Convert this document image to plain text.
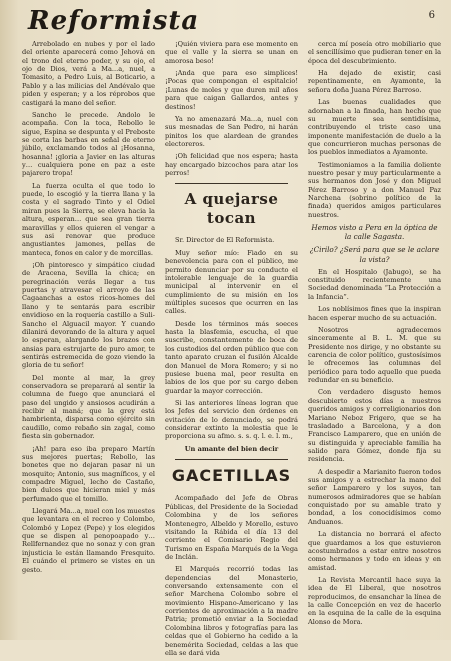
Reformista	6

Arrebolado en nubes y por el lado del oriente aparecerá como Jehová en el trono del eterno poder, y su ojo, el ojo de Dios, verá a Ma...a, nuel, a Tomasito, a Pedro Luis, al Boticario, a Pablo y a las milicias del Andévalo que piden y esperan; y a los réprobos que castigará la mano del señor.

Sancho le precede. Andolo le acompaña. Con la toca, Rebollo le sigue, Espina se despunta y el Preboste se corta las barbas en señal de eterno júbilo, exclamando todos al ¡Hosanna, hosanna! ¡gloria a Javier en las alturas y… cualquiera pone en paz a este pajarero tropa!

La fuerza oculta el que todo lo puede, lo escogió y la tierra llana y la costa y el sagrado Tinto y el Odiel miran pues la Sierra, se eleva hacia la altura, esperan… que sea gran tierra maravillas y ellos quieren el vengar a sus asi renovar que produce angustiantes jamones, pellas de manteca, fonos en calor y de morcillas.

¡Oh pintoresco y simpático ciudad de Aracena, Sevilla la chica; en peregrinación verás llegar a tus puertas y atravesar el arroyo de las Cagaanchas a estos ricos-homes del llano y te sentarás para escribir envidioso en la roquería castillo a Suli-Sancho el Alguacil mayor. Y cuando dilanirá devorando de la altura y aquel lo esperan, alargando los brazos con ansias para estrujarte de puro amor, te sentirás estremecida de gozo viendo la gloria de tu señor!

Del monte al mar, la grey conservadora se preparará al sentir la columna de fuego que anunciará el paso del ungido y ansiosos acudirán a recibir al maná; que la grey está hambrienta, disparsa como ejército sin caudillo, como rebaño sin zagal, como fiesta sin gobernador.

¡Ah! para eso iba preparo Martín sus mejores puertas; Rebollo, las bonetes que no dejaran pasar ni un mosquito; Antonio, sus magníficos, y el compadre Miguel, lecho de Castaño, bien dulces que hicieran miel y más perfumado que el tomillo.

Llegará Ma...a, nuel con los muestes que levantara en el recreo y Colombo, Colombó y Lopez (Pepe) y los elegidos que se dispen al penopoapado y… Rellfernandez que no sonaz y con gran injusticia le están llamando Fresquito. El cuándo el primero se vistes en un gesto.

¡Quién viviera para ese momento en que el valle y la sierra se unan en amorosa beso!

¡Anda que para eso simplices! ¡Pocas que compongan el espitalcio! ¡Lunas de moles y que duren mil años para que caigan Gallardos, antes y destinos!

Ya no amenazará Ma...a, nuel con sus mesnadas de San Pedro, ni harán pinitos los que alardean de grandes electoreros.

¡Oh felicidad que nos espera; hasta hay encargado bizcochos para atar los perros!

A quejarse tocan

Sr. Director de El Reformista.

Muy señor mío: Fiado en su benevolencia para con el público, me permito denunciar por su conducto el intolerable lenguaje de la guardia municipal al intervenir en el cumplimiento de su misión en los múltiples sucesos que ocurren en las calles.

Desde los términos más soeces hasta la blasfemia, escucha, el que suscribe, constantemente de boca de los custodios del orden público que con tanto aparato cruzan el fusilón Alcalde don Manuel de Mora Romero; y si no pusiese buena mal, peor resulta en labios de los que por su cargo deben guardar la mayor corrección.

Si las anteriores líneas logran que los Jefes del servicio den órdenes en evitación de lo denunciado, se podrá considerar extinto la molestia que le proporciona su afmo. s. s. q. l. e. l. m.,

Un amante del bien decir
GACETILLAS

Acompañado del Jefe de Obras Públicas, del Presidente de la Sociedad Colombina y de los señores Montenegro, Albeldo y Morello, estuvo visitando la Rábida el día 13 del corriente el Comisario Regio del Turismo en España Marqués de la Vega de Inclán.

El Marqués recorrió todas las dependencias del Monasterio, conversando extensamente con el señor Marchena Colombo sobre el movimiento Hispano-Americano y las corrientes de aproximación a la madre Patria; prometió enviar a la Sociedad Colombina libros y fotografías para las celdas que el Gobierno ha cedido a la benemérita Sociedad, celdas a las que ella se dará vida

cerca mí poseía otro mobiliario que el sencillísimo que pudieran tener en la época del descubrimiento.

Ha dejado de existir, casi repentinamente, en Ayamonte, la señora doña Juana Pérez Barroso.

Las buenas cualidades que adornaban a la finada, han hecho que su muerte sea sentidísima, contribuyendo el triste caso una imponente manifestación de duelo a la que concurrieron muchas personas de los pueblos inmediatos a Ayamonte.

Testimoniamos a la familia doliente nuestro pesar y muy particularmente a sus hermanos don José y don Miguel Pérez Barroso y a don Manuel Paz Narchena (sobrino político de la finada) queridos amigos particulares nuestros.

Hemos visto a Pera en la óptica de la calle Sagasta.

¿Cirilo? ¿Será para que se le aclare la vista?

En el Hospitalo (Jabugo), se ha constituido recientemente una Sociedad denominada “La Protección a la Infancia”.

Los noblísimos fines que la inspiran hacen esperar mucho de su actuación.

Nosotros agradecemos sinceramente al B. L. M. que su Presidente nos dirige, y no obstante su carencia de color político, gustosísimos le ofrecemos las columnas del periódico para todo aquello que pueda redundar en su beneficio.

Con verdadero disgusto hemos descubierto estos días a nuestros queridos amigos y correligionarios don Mariano Neboz Frigero, que se ha trasladado a Barcelona, y a don Francisco Lamparero, que en unión de su distinguida y apreciable familia ha salido para Gómez, donde fija su residencia.

A despedir a Marianito fueron todos sus amigos y a estrechar la mano del señor Lamparero y los suyos, tan numerosos admiradores que se habían conquistado por su amable trato y bondad, a los conocidísimos como Anduanos.

La distancia no borrará el afecto que guardamos a los que estuvieron acostumbrados a estar entre nosotros como hermanos y todo en ideas y en amistad.

La Revista Mercantil hace suya la idea de El Liberal, que nosotros reproducimos, de ensanchar la línea de la calle Concepción en vez de hacerlo en la esquina de la calle de la esquina Alonso de Mora.
